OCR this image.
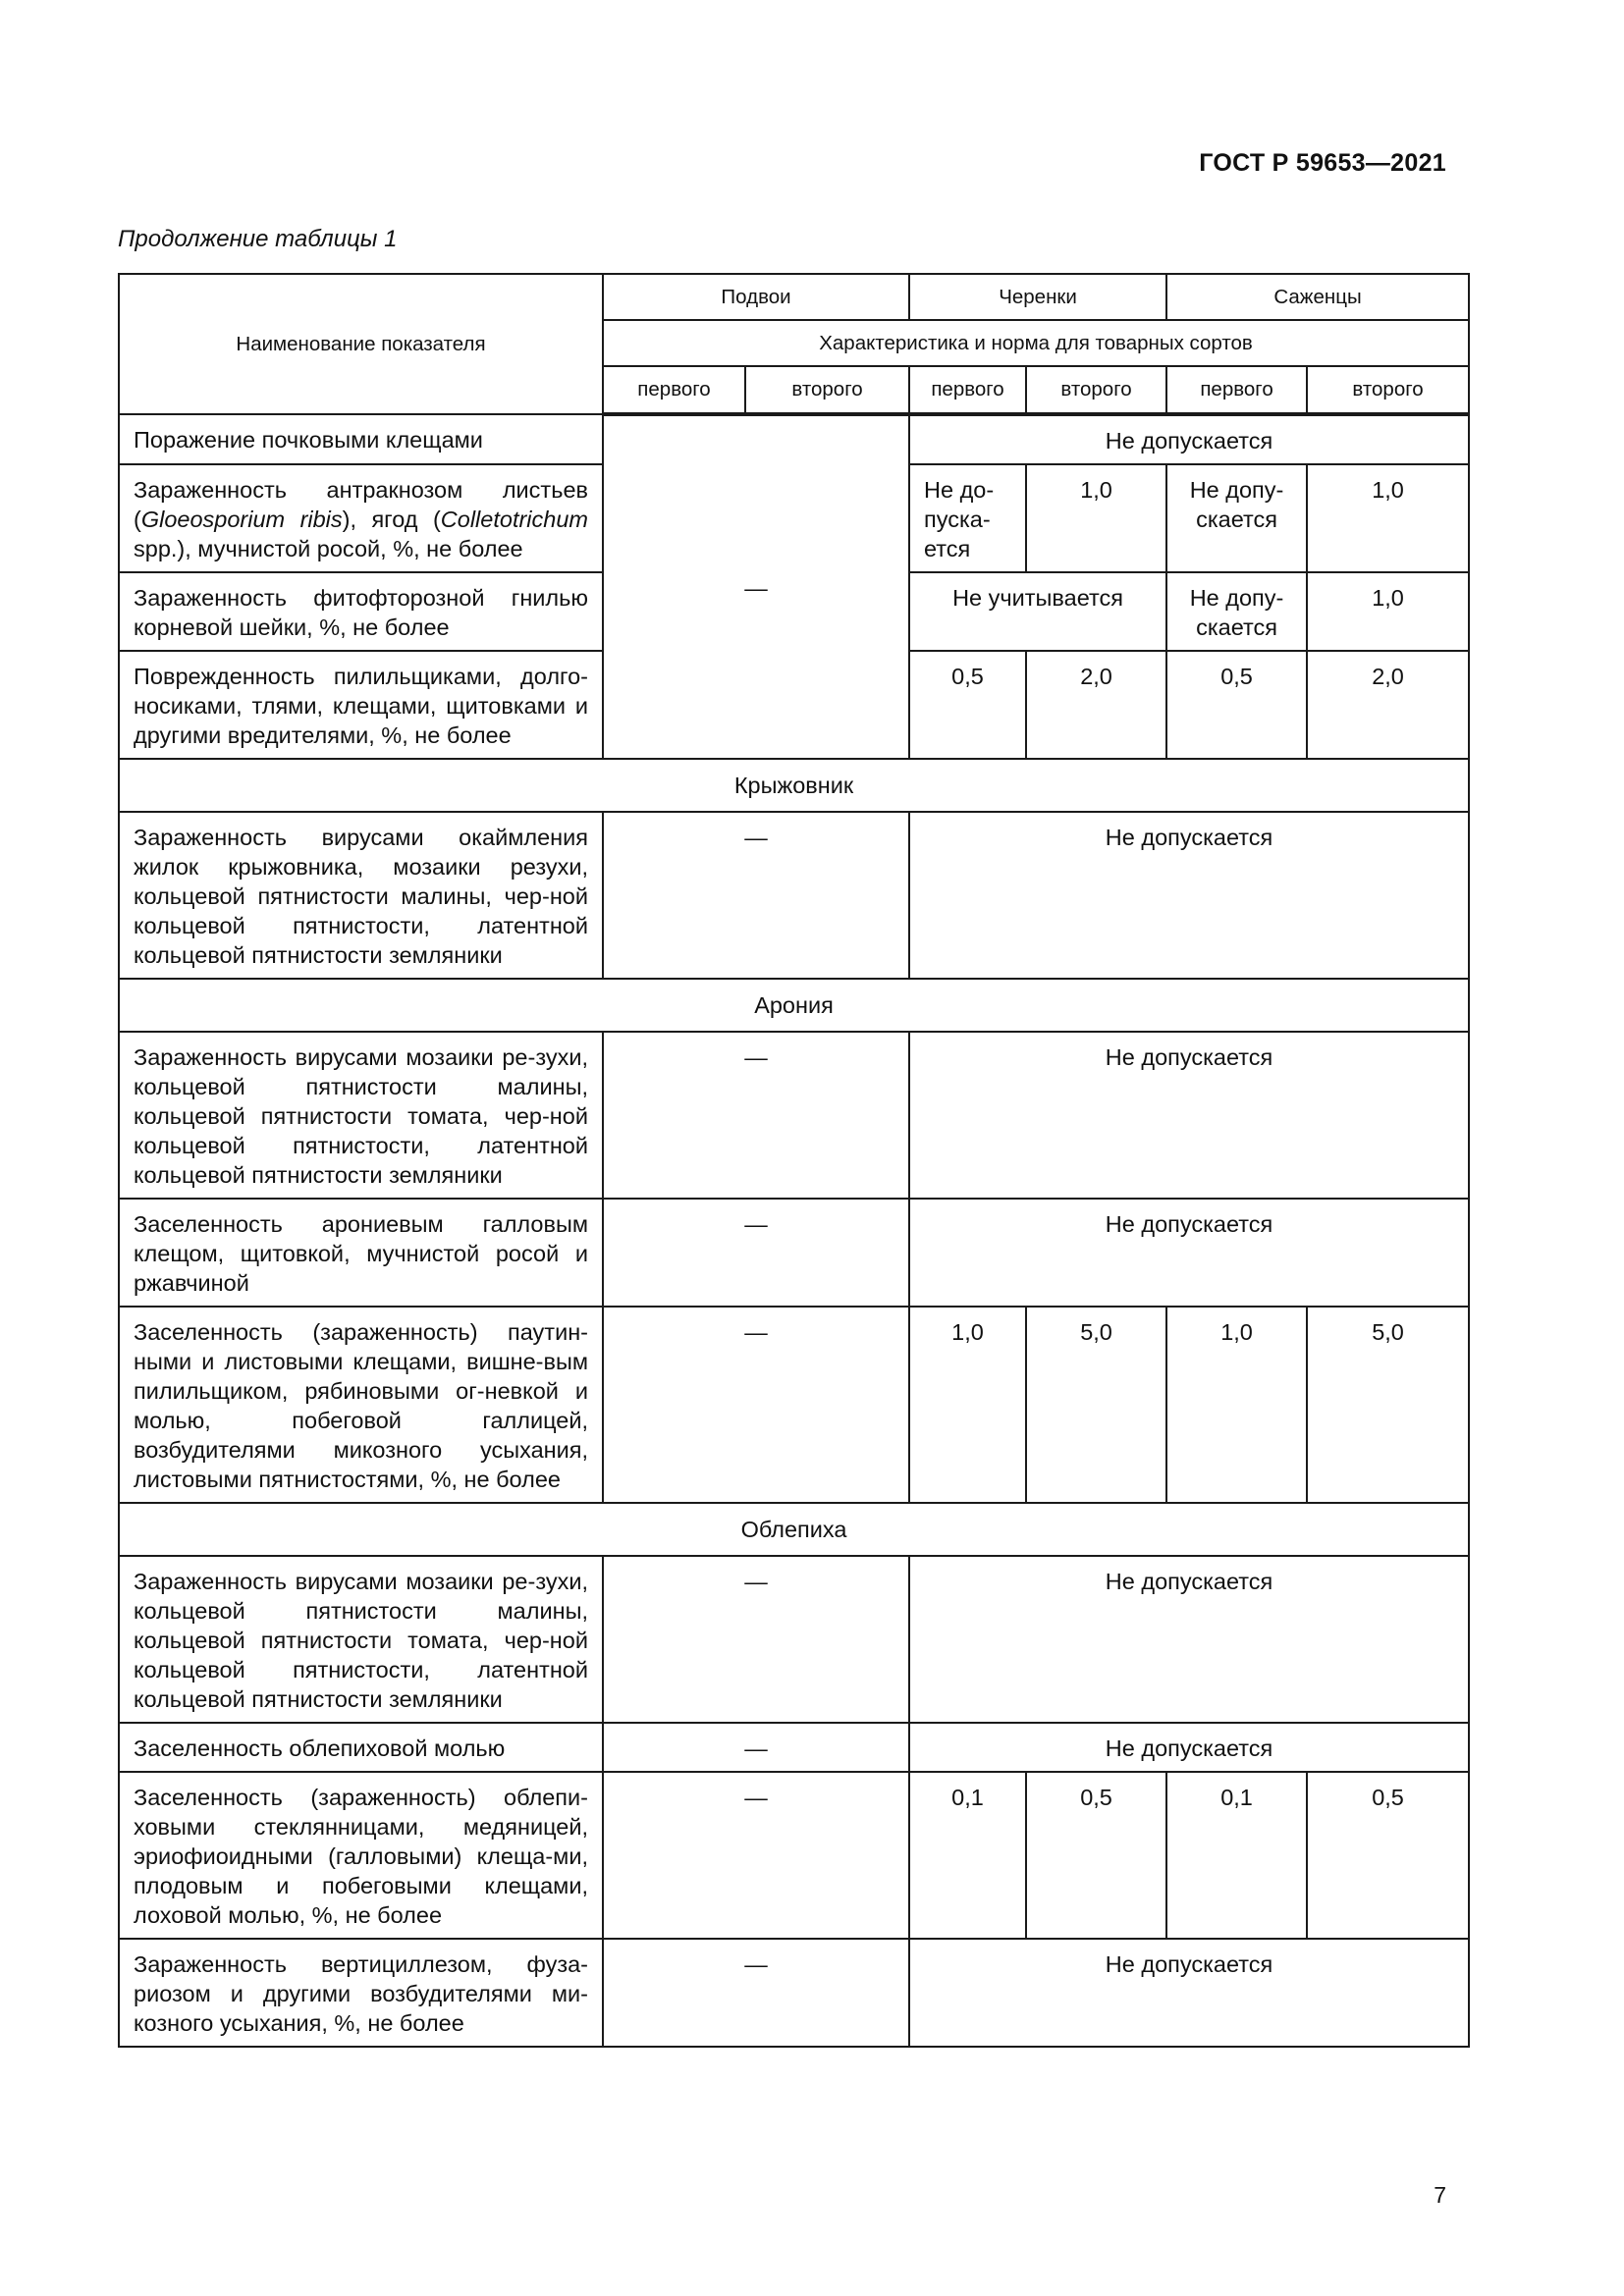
ГОСТ Р 59653—2021
Продолжение таблицы 1
Наименование показателя	Подвои		Черенки		Саженцы	
	Характеристика и норма для товарных сортов					
	первого	второго	первого	второго	первого	второго
Поражение почковыми клещами	—		Не допускается			
Зараженность антракнозом листьев (Gloeosporium ribis), ягод (Colletotrichum spp.), мучнистой росой, %, не более			Не до-пуска-ется	1,0	Не допу-скается	1,0
Зараженность фитофторозной гнилью корневой шейки, %, не более			Не учитывается		Не допу-скается	1,0
Поврежденность пилильщиками, долго-носиками, тлями, клещами, щитовками и другими вредителями, %, не более			0,5	2,0	0,5	2,0
Крыжовник						
Зараженность вирусами окаймления жилок крыжовника, мозаики резухи, кольцевой пятнистости малины, чер-ной кольцевой пятнистости, латентной кольцевой пятнистости земляники	—		Не допускается			
Арония						
Зараженность вирусами мозаики ре-зухи, кольцевой пятнистости малины, кольцевой пятнистости томата, чер-ной кольцевой пятнистости, латентной кольцевой пятнистости земляники	—		Не допускается			
Заселенность арониевым галловым клещом, щитовкой, мучнистой росой и ржавчиной	—		Не допускается			
Заселенность (зараженность) паутин-ными и листовыми клещами, вишне-вым пилильщиком, рябиновыми ог-невкой и молью, побеговой галлицей, возбудителями микозного усыхания, листовыми пятнистостями, %, не более	—		1,0	5,0	1,0	5,0
Облепиха						
Зараженность вирусами мозаики ре-зухи, кольцевой пятнистости малины, кольцевой пятнистости томата, чер-ной кольцевой пятнистости, латентной кольцевой пятнистости земляники	—		Не допускается			
Заселенность облепиховой молью	—		Не допускается			
Заселенность (зараженность) облепи-ховыми стеклянницами, медяницей, эриофиоидными (галловыми) клеща-ми, плодовым и побеговыми клещами, лоховой молью, %, не более	—		0,1	0,5	0,1	0,5
Зараженность вертициллезом, фуза-риозом и другими возбудителями ми-козного усыхания, %, не более	—		Не допускается			
7
